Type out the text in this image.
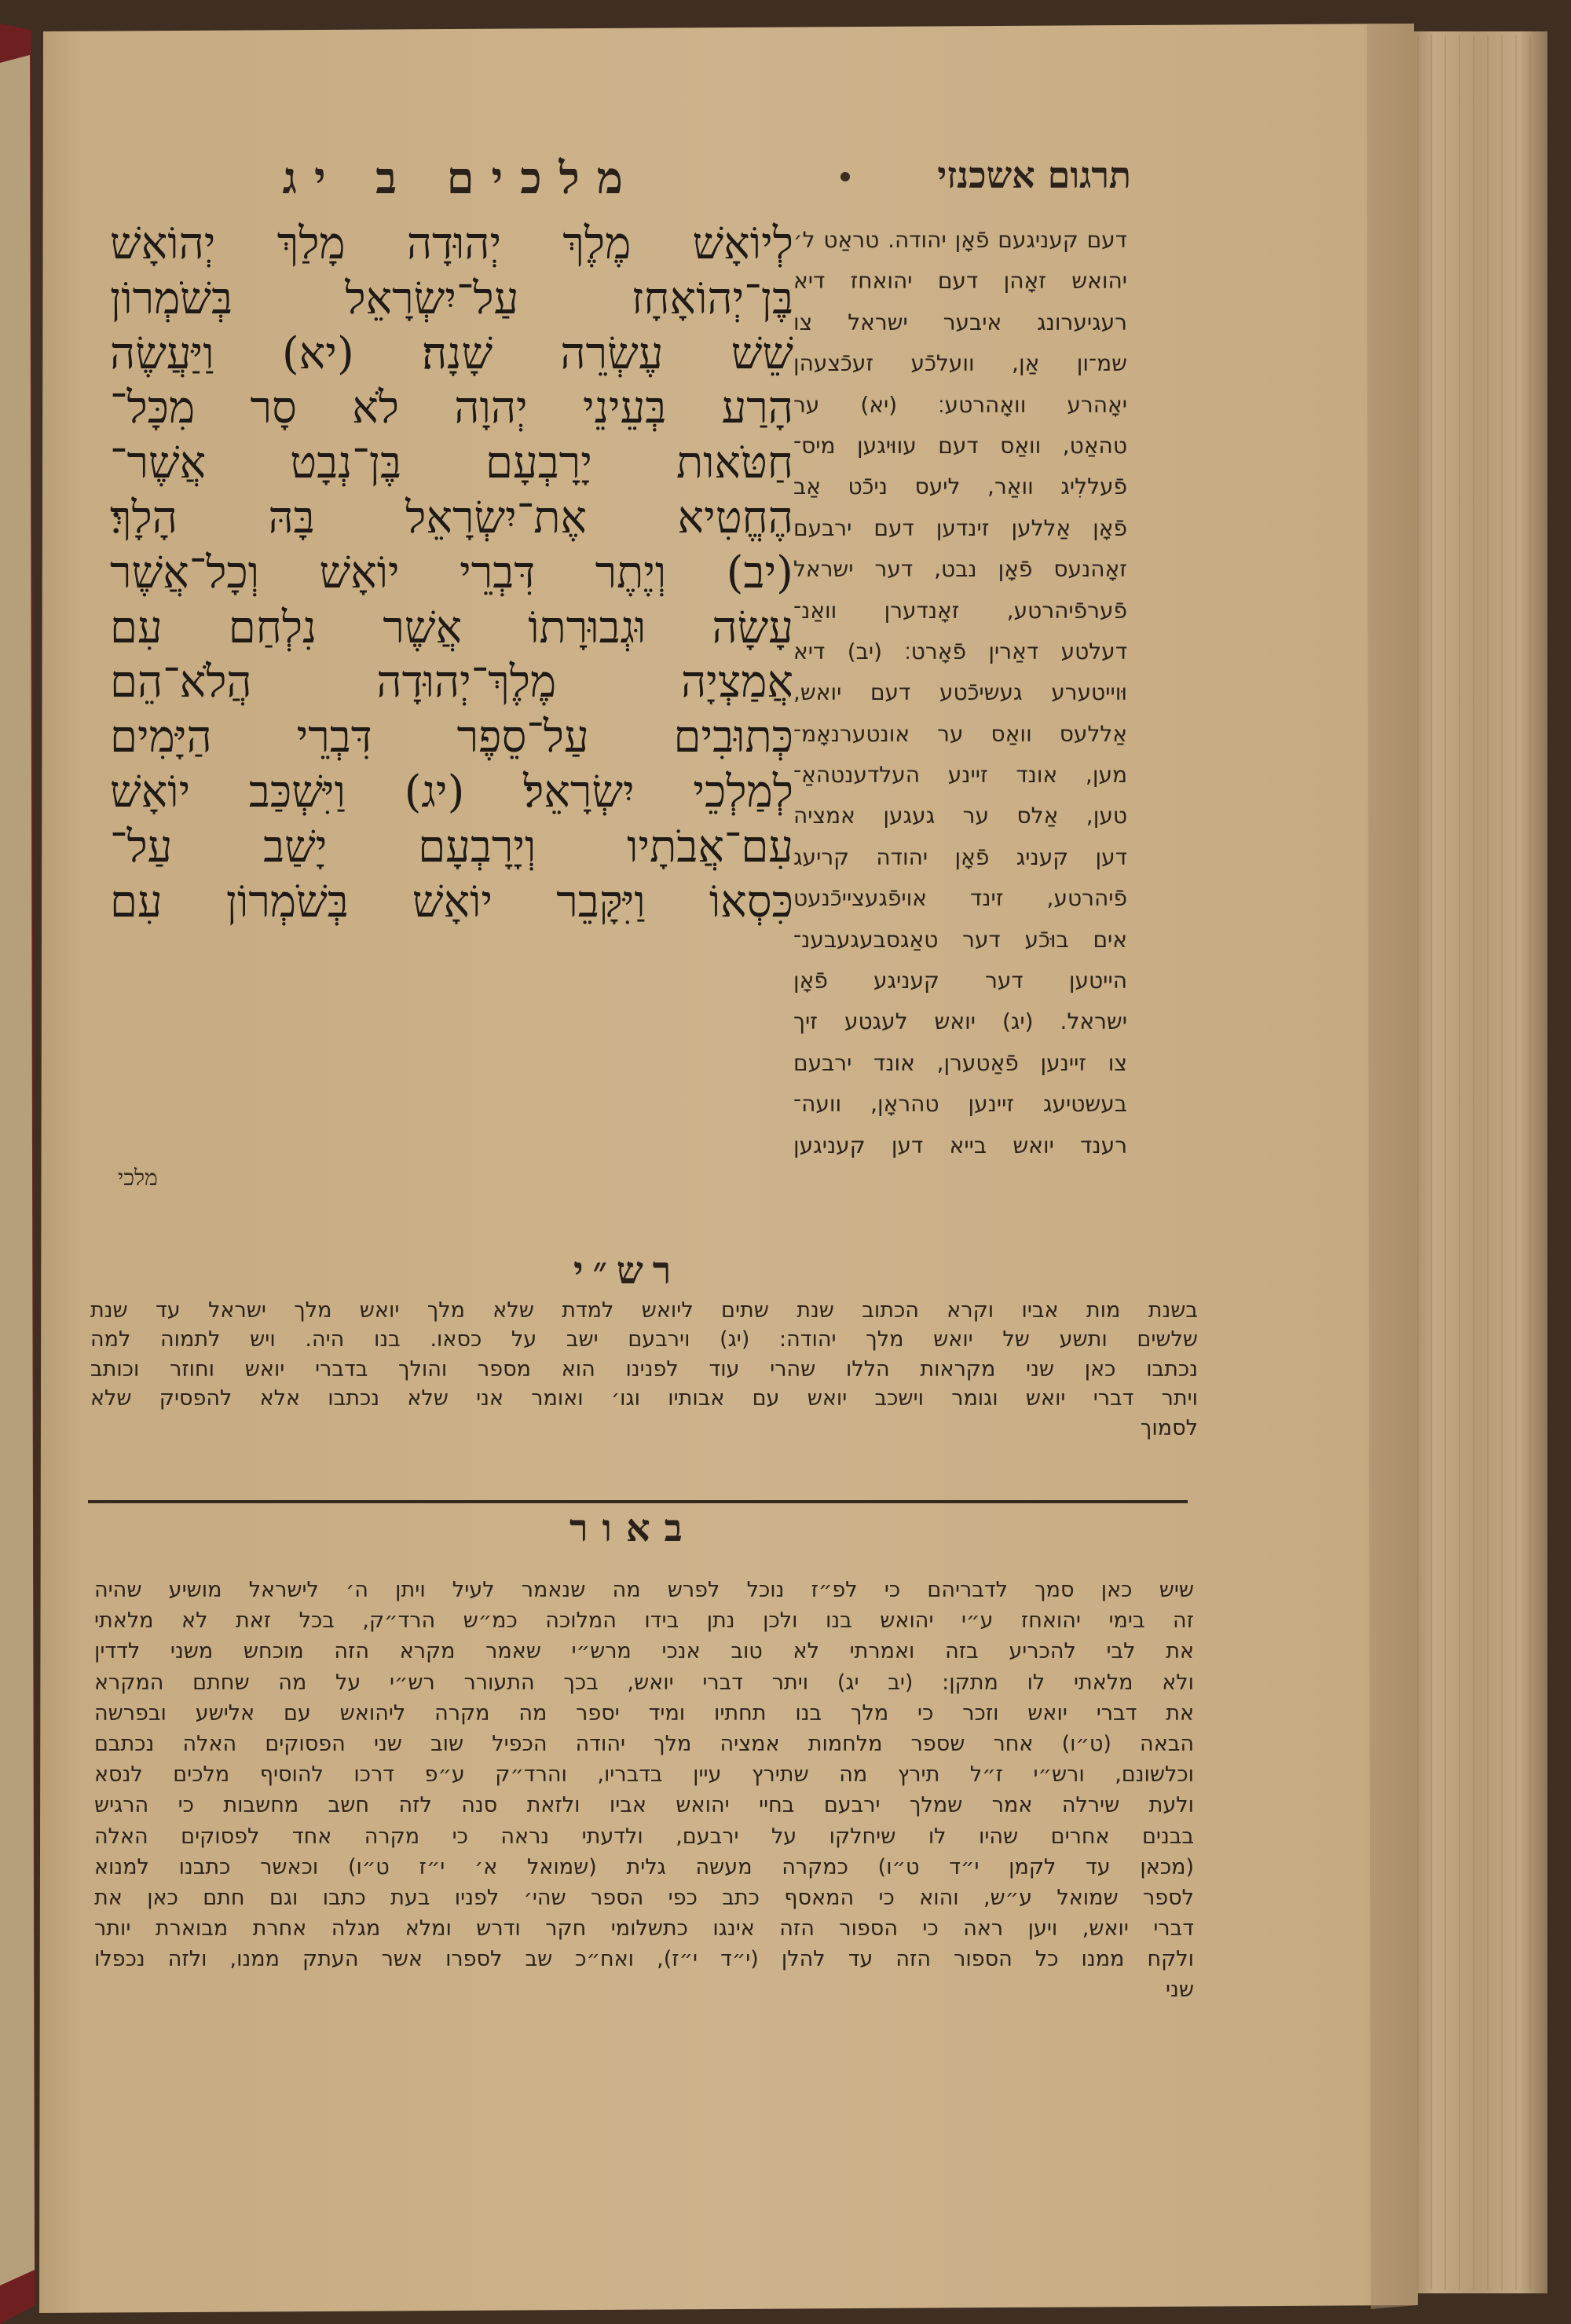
תרגום אשכנזי
מלכים ב יג
דעם קעניגעם פֿאָן יהודה. טראַט ל׳
יהואש זאָהן דעם יהואחז דיא
רעגיערונג איבער ישראל צו
שמ־ון אַן, וועלכֿע זעכֿצעהן
יאָהרע וואָהרטע׃ (יא) ער
טהאַט, וואַס דעם עווּיגען מיס־
פֿעללִיג וואַר, ליעס ניכֿט אַב
פֿאָן אַללען זינדען דעם ירבעם
זאָהנעס פֿאָן נבט, דער ישראל
פֿערפֿיהרטע, זאָנדערן וואַנ־
דעלטע דאַרין פֿאָרט׃ (יב) דיא
וּוייטערע געשיכֿטע דעם יואש,
אַללעס וואַס ער אונטערנאָמ־
מען, אונד זיינע העלדענטהאַ־
טען, אַלס ער געגען אמציה
דען קעניג פֿאָן יהודה קריעג
פֿיהרטע, זינד אויפֿגעצייכֿנעט
אים בוּכֿע דער טאַגסבעגעבענ־
הייטען דער קעניגע פֿאָן
ישראל. (יג) יואש לעגטע זיך
צו זיינען פֿאַטערן, אונד ירבעם
בעשטיעג זיינען טהראָן, וועה־
רענד יואש בייא דען קעניגען
לְיוֹאָשׁ מֶלֶךְ יְהוּדָה מָלַךְ יְהוֹאָשׁ
בֶּן־יְהוֹאָחָז עַל־יִשְׂרָאֵל בְּשֹׁמְרוֹן
שֵׁשׁ עֶשְׂרֵה שָׁנָה׃ (יא) וַיַּעֲשֶׂה
הָרַע בְּעֵינֵי יְהוָה לֹא סָר מִכָּל־
חַטֹּאות יָרָבְעָם בֶּן־נְבָט אֲשֶׁר־
הֶחֱטִיא אֶת־יִשְׂרָאֵל בָּהּ הָלָךְ׃
(יב) וְיֶתֶר דִּבְרֵי יוֹאָשׁ וְכָל־אֲשֶׁר
עָשָׂה וּגְבוּרָתוֹ אֲשֶׁר נִלְחַם עִם
אֲמַצְיָה מֶלֶךְ־יְהוּדָה הֲלֹא־הֵם
כְּתוּבִים עַל־סֵפֶר דִּבְרֵי הַיָּמִים
לְמַלְכֵי יִשְׂרָאֵל׃ (יג) וַיִּשְׁכַּב יוֹאָשׁ
עִם־אֲבֹתָיו וְיָרָבְעָם יָשַׁב עַל־
כִּסְאוֹ וַיִּקָּבֵר יוֹאָשׁ בְּשֹׁמְרוֹן עִם
מלכי
רש״י
בשנת מות אביו וקרא הכתוב שנת שתים ליואש למדת שלא מלך יואש מלך ישראל עד שנת
שלשים ותשע של יואש מלך יהודה: (יג) וירבעם ישב על כסאו. בנו היה. ויש לתמוה למה
נכתבו כאן שני מקראות הללו שהרי עוד לפנינו הוא מספר והולך בדברי יואש וחוזר וכותב
ויתר דברי יואש וגומר וישכב יואש עם אבותיו וגו׳ ואומר אני שלא נכתבו אלא להפסיק שלא
לסמוך
באור
שיש כאן סמך לדבריהם כי לפ״ז נוכל לפרש מה שנאמר לעיל ויתן ה׳ לישראל מושיע שהיה
זה בימי יהואחז ע״י יהואש בנו ולכן נתן בידו המלוכה כמ״ש הרד״ק, בכל זאת לא מלאתי
את לבי להכריע בזה ואמרתי לא טוב אנכי מרש״י שאמר מקרא הזה מוכחש משני לדדין
ולא מלאתי לו מתקן: (יב יג) ויתר דברי יואש, בכך התעורר רש״י על מה שחתם המקרא
את דברי יואש וזכר כי מלך בנו תחתיו ומיד יספר מה מקרה ליהואש עם אלישע ובפרשה
הבאה (ט״ו) אחר שספר מלחמות אמציה מלך יהודה הכפיל שוב שני הפסוקים האלה נכתבם
וכלשונם, ורש״י ז״ל תירץ מה שתירץ עיין בדבריו, והרד״ק ע״פ דרכו להוסיף מלכים לנסא
ולעת שירלה אמר שמלך ירבעם בחיי יהואש אביו ולזאת סנה לזה חשב מחשבות כי הרגיש
בבנים אחרים שהיו לו שיחלקו על ירבעם, ולדעתי נראה כי מקרה אחד לפסוקים האלה
(מכאן עד לקמן י״ד ט״ו) כמקרה מעשה גלית (שמואל א׳ י״ז ט״ו) וכאשר כתבנו למנוא
לספר שמואל ע״ש, והוא כי המאסף כתב כפי הספר שהי׳ לפניו בעת כתבו וגם חתם כאן את
דברי יואש, ויען ראה כי הספור הזה אינגו כתשלומי חקר ודרש ומלא מגלה אחרת מבוארת יותר
ולקח ממנו כל הספור הזה עד להלן (י״ד י״ז), ואח״כ שב לספרו אשר העתק ממנו, ולזה נכפלו
שני
